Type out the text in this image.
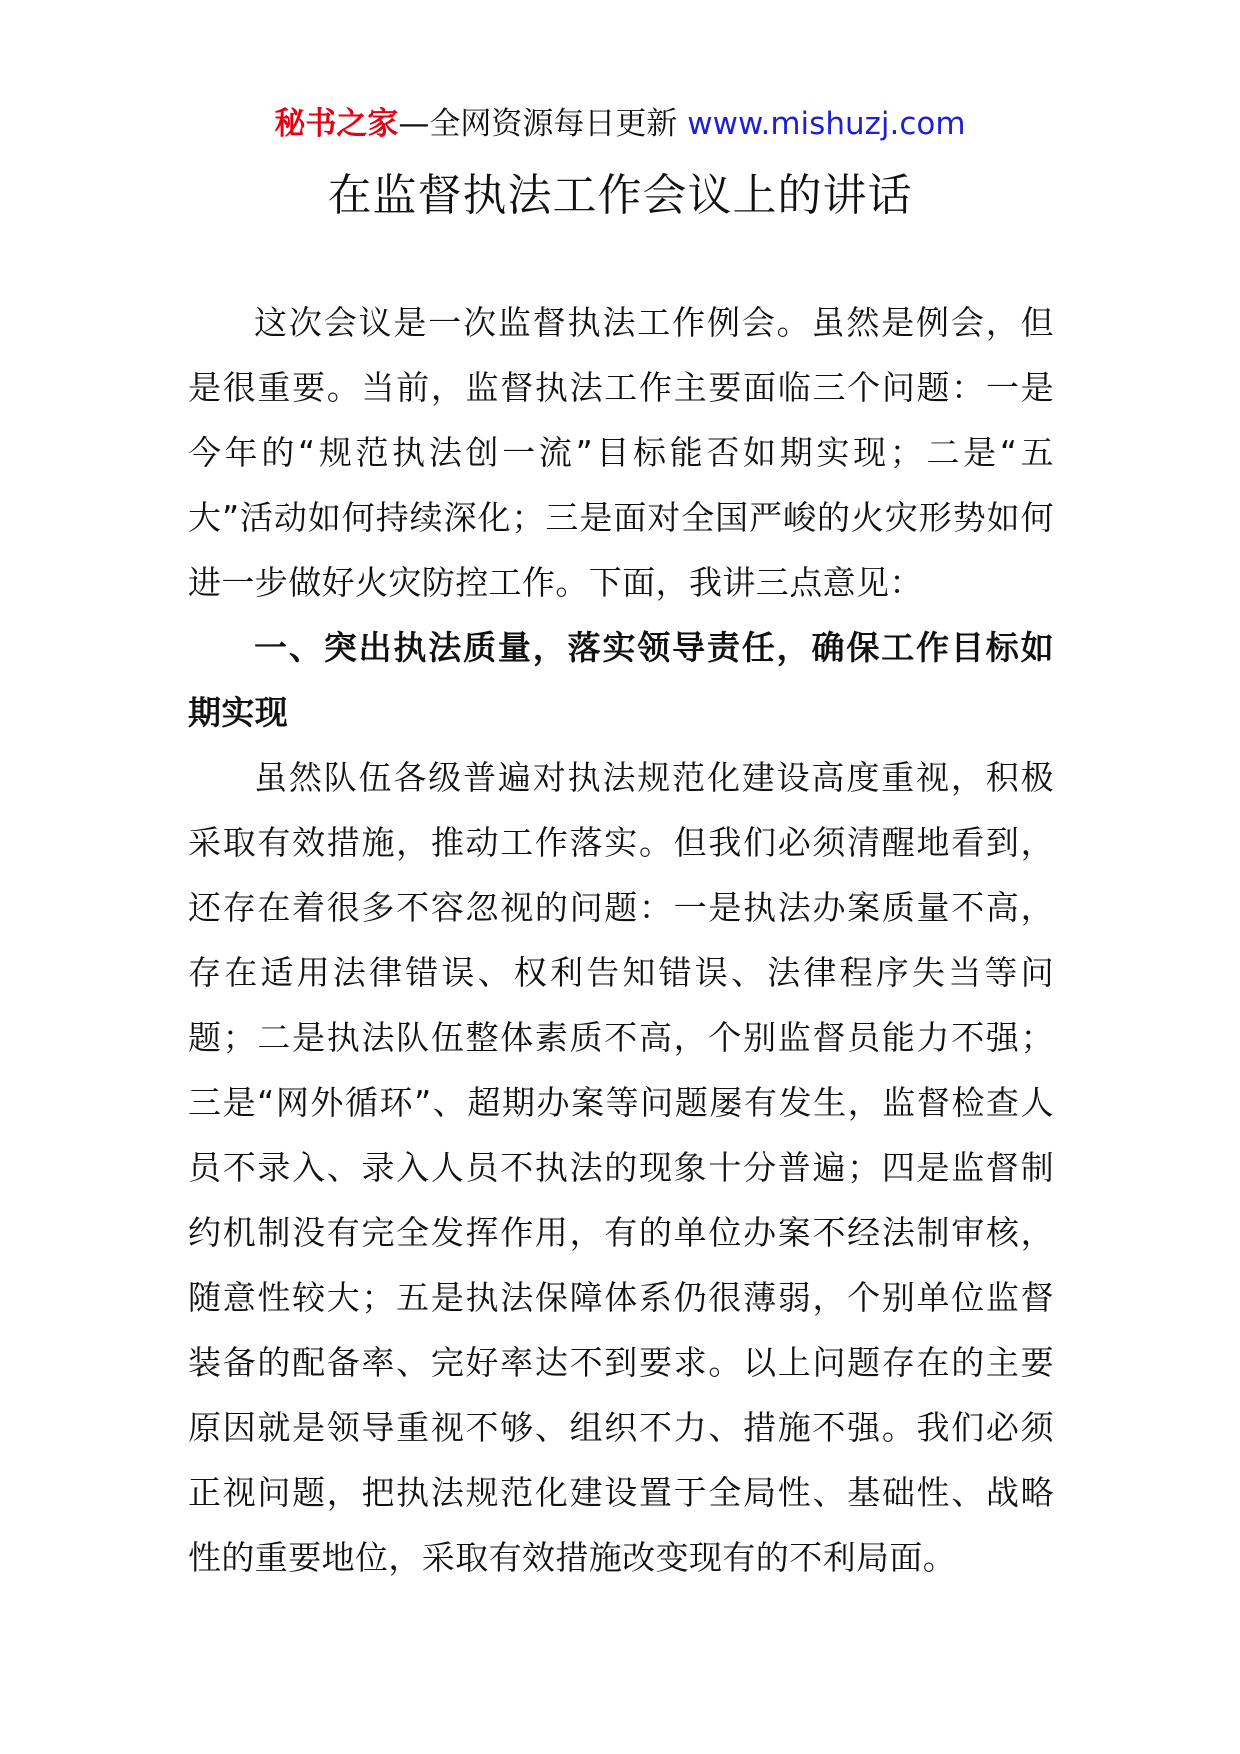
秘书之家—全网资源每日更新 www.mishuzj.com
在监督执法工作会议上的讲话

这次会议是一次监督执法工作例会。虽然是例会，但是很重要。当前，监督执法工作主要面临三个问题：一是今年的“规范执法创一流”目标能否如期实现；二是“五大”活动如何持续深化；三是面对全国严峻的火灾形势如何进一步做好火灾防控工作。下面，我讲三点意见：

一、突出执法质量，落实领导责任，确保工作目标如期实现

虽然队伍各级普遍对执法规范化建设高度重视，积极采取有效措施，推动工作落实。但我们必须清醒地看到，还存在着很多不容忽视的问题：一是执法办案质量不高，存在适用法律错误、权利告知错误、法律程序失当等问题；二是执法队伍整体素质不高，个别监督员能力不强；三是“网外循环”、超期办案等问题屡有发生，监督检查人员不录入、录入人员不执法的现象十分普遍；四是监督制约机制没有完全发挥作用，有的单位办案不经法制审核，随意性较大；五是执法保障体系仍很薄弱，个别单位监督装备的配备率、完好率达不到要求。以上问题存在的主要原因就是领导重视不够、组织不力、措施不强。我们必须正视问题，把执法规范化建设置于全局性、基础性、战略性的重要地位，采取有效措施改变现有的不利局面。
